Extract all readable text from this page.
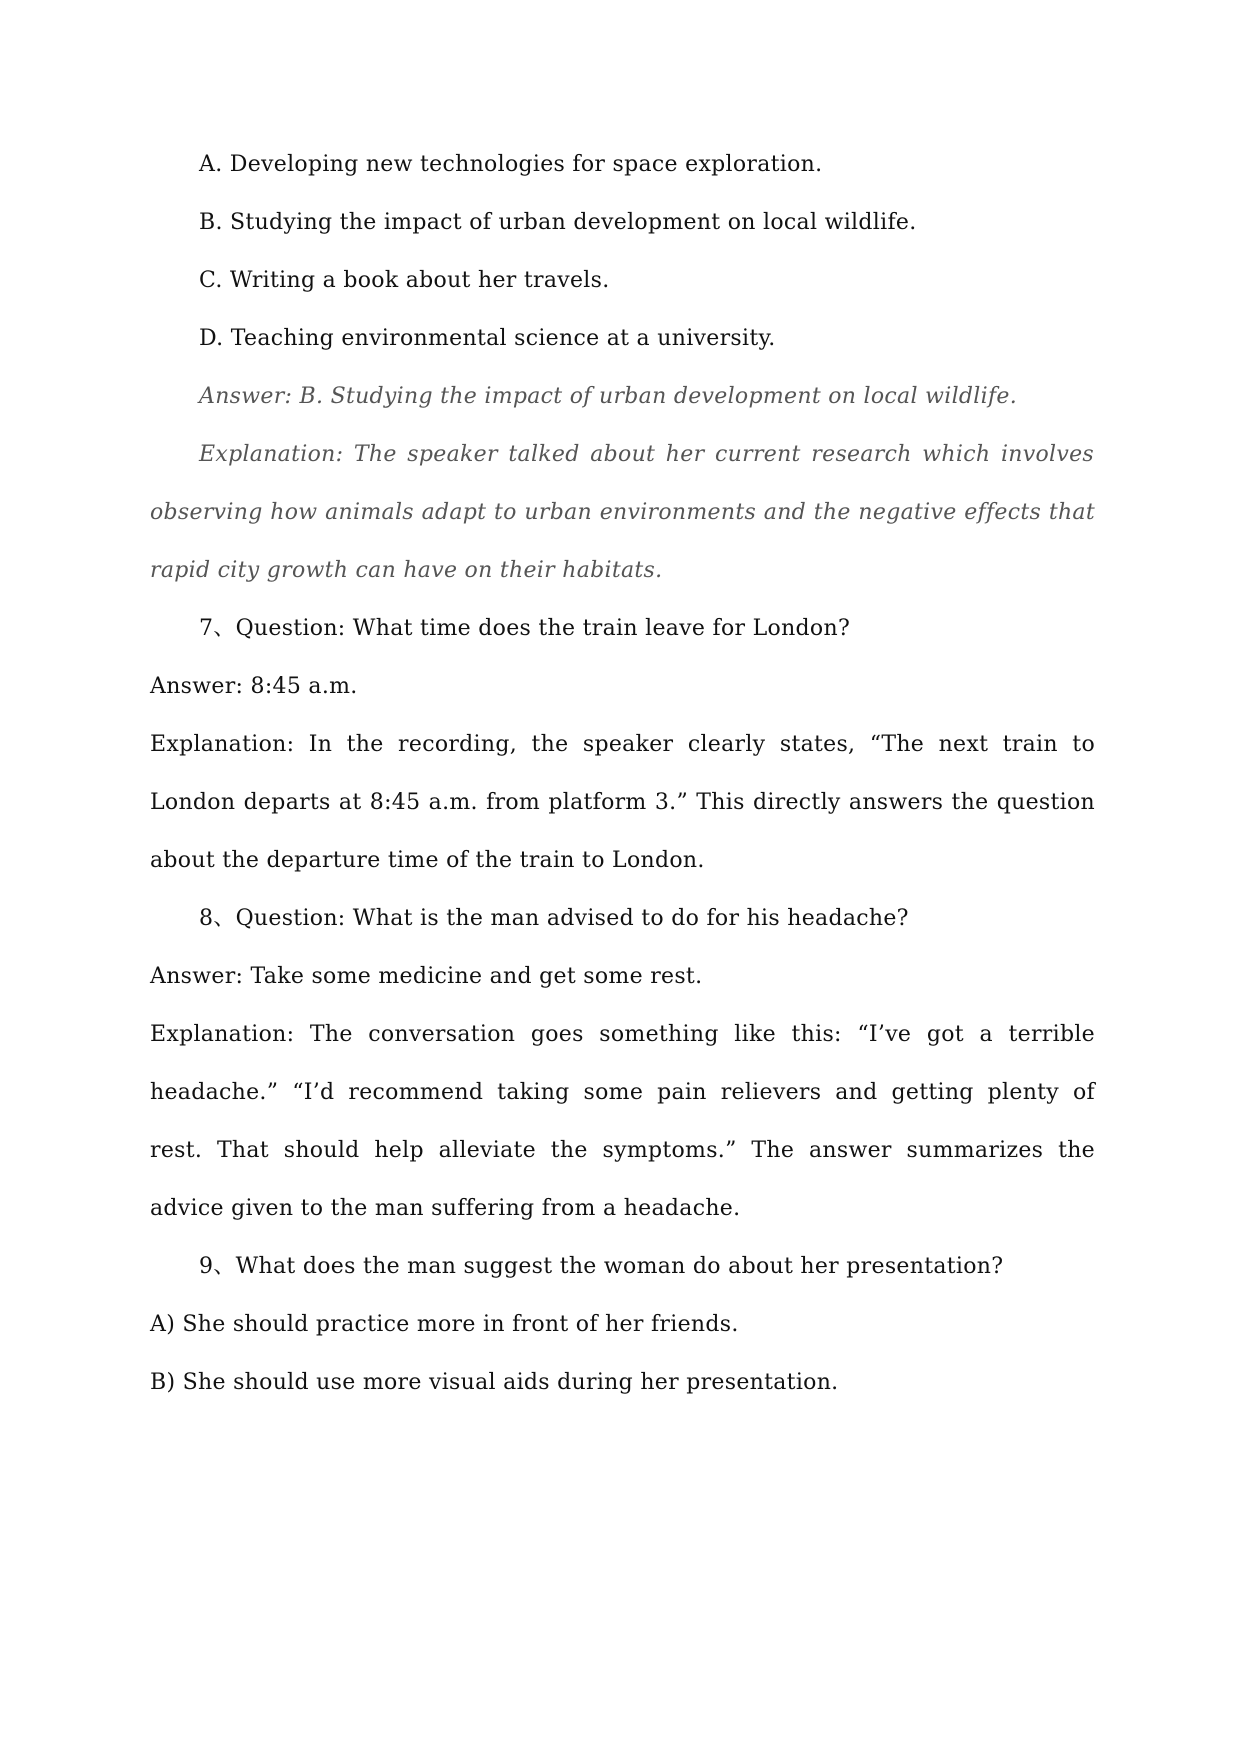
A. Developing new technologies for space exploration.
B. Studying the impact of urban development on local wildlife.
C. Writing a book about her travels.
D. Teaching environmental science at a university.
Answer: B. Studying the impact of urban development on local wildlife.
Explanation: The speaker talked about her current research which involves
observing how animals adapt to urban environments and the negative effects that
rapid city growth can have on their habitats.
7、Question: What time does the train leave for London?
Answer: 8:45 a.m.
Explanation: In the recording, the speaker clearly states, “The next train to
London departs at 8:45 a.m. from platform 3.” This directly answers the question
about the departure time of the train to London.
8、Question: What is the man advised to do for his headache?
Answer: Take some medicine and get some rest.
Explanation: The conversation goes something like this: “I’ve got a terrible
headache.” “I’d recommend taking some pain relievers and getting plenty of
rest. That should help alleviate the symptoms.” The answer summarizes the
advice given to the man suffering from a headache.
9、What does the man suggest the woman do about her presentation?
A) She should practice more in front of her friends.
B) She should use more visual aids during her presentation.
